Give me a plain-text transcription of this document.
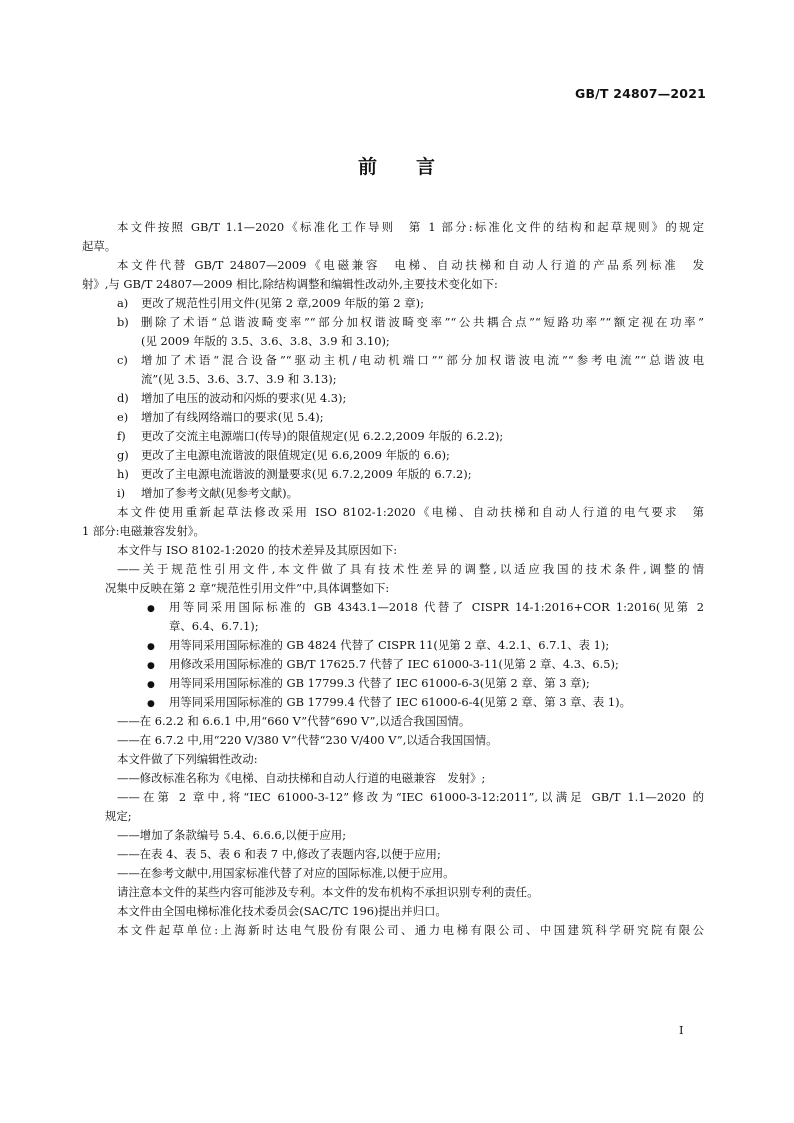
GB/T 24807—2021
前 言
本文件按照 GB/T 1.1—2020《标准化工作导则　第 1 部分:标准化文件的结构和起草规则》的规定
起草。
本文件代替 GB/T 24807—2009《电磁兼容　电梯、自动扶梯和自动人行道的产品系列标准　发
射》,与 GB/T 24807—2009 相比,除结构调整和编辑性改动外,主要技术变化如下:
a) 更改了规范性引用文件(见第 2 章,2009 年版的第 2 章);
b) 删除了术语“总谐波畸变率”“部分加权谐波畸变率”“公共耦合点”“短路功率”“额定视在功率”
(见 2009 年版的 3.5、3.6、3.8、3.9 和 3.10);
c) 增加了术语“混合设备”“驱动主机/电动机端口”“部分加权谐波电流”“参考电流”“总谐波电
流”(见 3.5、3.6、3.7、3.9 和 3.13);
d) 增加了电压的波动和闪烁的要求(见 4.3);
e) 增加了有线网络端口的要求(见 5.4);
f) 更改了交流主电源端口(传导)的限值规定(见 6.2.2,2009 年版的 6.2.2);
g) 更改了主电源电流谐波的限值规定(见 6.6,2009 年版的 6.6);
h) 更改了主电源电流谐波的测量要求(见 6.7.2,2009 年版的 6.7.2);
i) 增加了参考文献(见参考文献)。
本文件使用重新起草法修改采用 ISO 8102-1:2020《电梯、自动扶梯和自动人行道的电气要求　第
1 部分:电磁兼容发射》。
本文件与 ISO 8102-1:2020 的技术差异及其原因如下:
——关于规范性引用文件,本文件做了具有技术性差异的调整,以适应我国的技术条件,调整的情
况集中反映在第 2 章“规范性引用文件”中,具体调整如下:
● 用等同采用国际标准的 GB 4343.1—2018 代替了 CISPR 14-1:2016+COR 1:2016(见第 2
章、6.4、6.7.1);
● 用等同采用国际标准的 GB 4824 代替了 CISPR 11(见第 2 章、4.2.1、6.7.1、表 1);
● 用修改采用国际标准的 GB/T 17625.7 代替了 IEC 61000-3-11(见第 2 章、4.3、6.5);
● 用等同采用国际标准的 GB 17799.3 代替了 IEC 61000-6-3(见第 2 章、第 3 章);
● 用等同采用国际标准的 GB 17799.4 代替了 IEC 61000-6-4(见第 2 章、第 3 章、表 1)。
——在 6.2.2 和 6.6.1 中,用“660 V”代替“690 V”,以适合我国国情。
——在 6.7.2 中,用“220 V/380 V”代替“230 V/400 V”,以适合我国国情。
本文件做了下列编辑性改动:
——修改标准名称为《电梯、自动扶梯和自动人行道的电磁兼容　发射》;
——在第 2 章中,将“IEC 61000-3-12”修改为“IEC 61000-3-12:2011”,以满足 GB/T 1.1—2020 的
规定;
——增加了条款编号 5.4、6.6.6,以便于应用;
——在表 4、表 5、表 6 和表 7 中,修改了表题内容,以便于应用;
——在参考文献中,用国家标准代替了对应的国际标准,以便于应用。
请注意本文件的某些内容可能涉及专利。本文件的发布机构不承担识别专利的责任。
本文件由全国电梯标准化技术委员会(SAC/TC 196)提出并归口。
本文件起草单位:上海新时达电气股份有限公司、通力电梯有限公司、中国建筑科学研究院有限公
I
